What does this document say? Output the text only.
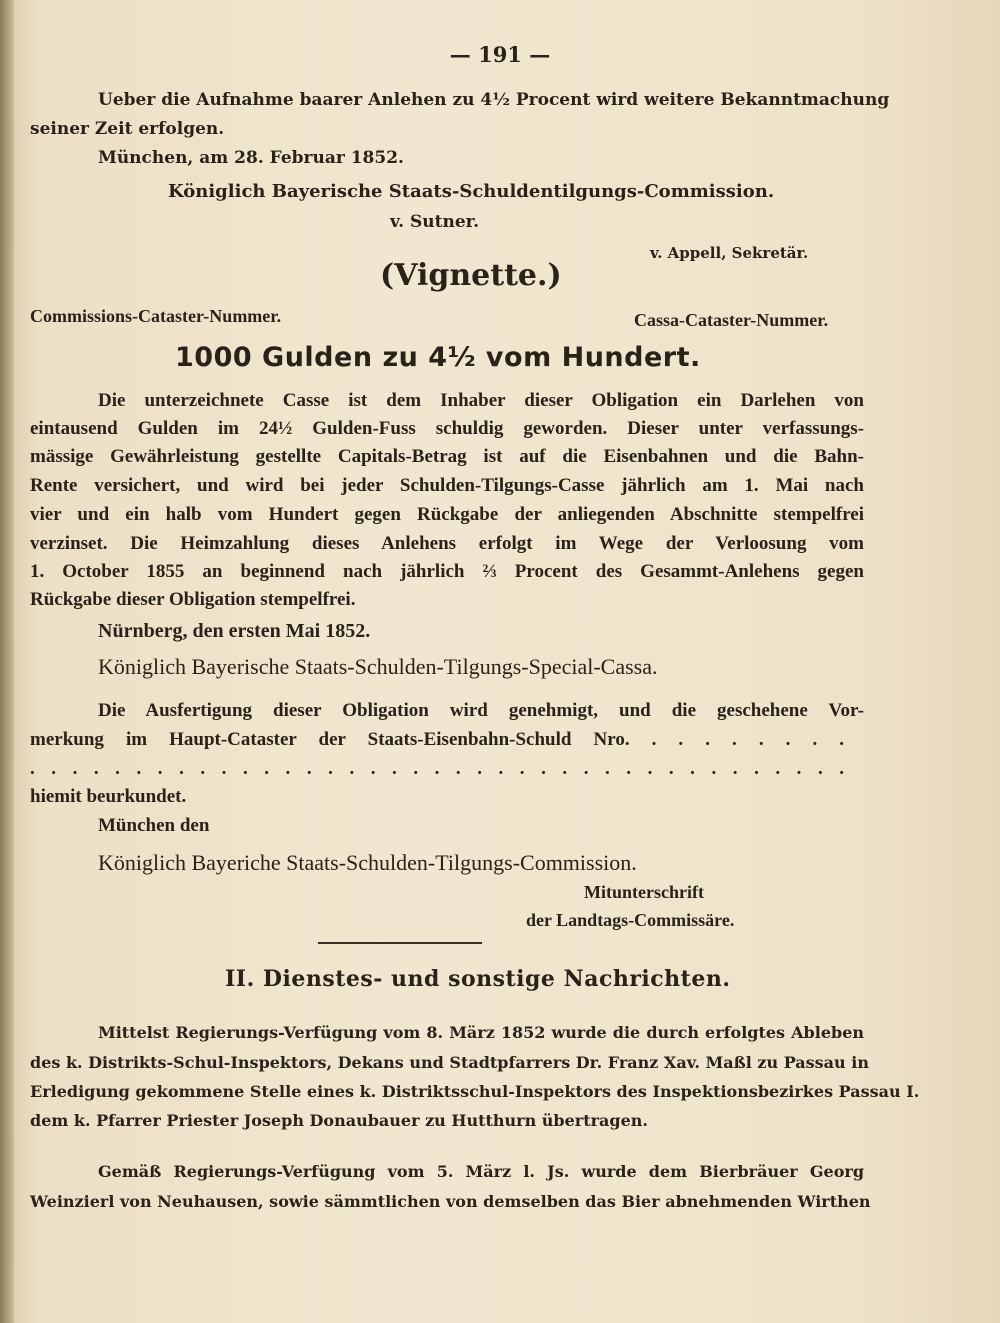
— 191 —
Ueber die Aufnahme baarer Anlehen zu 4½ Procent wird weitere Bekanntmachung
seiner Zeit erfolgen.
München, am 28. Februar 1852.
Königlich Bayerische Staats-Schuldentilgungs-Commission.
v. Sutner.
v. Appell, Sekretär.
(Vignette.)
Commissions-Cataster-Nummer.	Cassa-Cataster-Nummer.
1000 Gulden zu 4½ vom Hundert.
Die unterzeichnete Casse ist dem Inhaber dieser Obligation ein Darlehen von
eintausend Gulden im 24½ Gulden-Fuss schuldig geworden. Dieser unter verfassungs-
mässige Gewährleistung gestellte Capitals-Betrag ist auf die Eisenbahnen und die Bahn-
Rente versichert, und wird bei jeder Schulden-Tilgungs-Casse jährlich am 1. Mai nach
vier und ein halb vom Hundert gegen Rückgabe der anliegenden Abschnitte stempelfrei
verzinset. Die Heimzahlung dieses Anlehens erfolgt im Wege der Verloosung vom
1. October 1855 an beginnend nach jährlich ⅔ Procent des Gesammt-Anlehens gegen
Rückgabe dieser Obligation stempelfrei.
Nürnberg, den ersten Mai 1852.
Königlich Bayerische Staats-Schulden-Tilgungs-Special-Cassa.
Die Ausfertigung dieser Obligation wird genehmigt, und die geschehene Vor-
merkung im Haupt-Cataster der Staats-Eisenbahn-Schuld Nro. . . . . . . . .
. . . . . . . . . . . . . . . . . . . . . . . . . . . . . . . . . . . . . . .
hiemit beurkundet.
München den
Königlich Bayeriche Staats-Schulden-Tilgungs-Commission.
Mitunterschrift
der Landtags-Commissäre.
II. Dienstes- und sonstige Nachrichten.
Mittelst Regierungs-Verfügung vom 8. März 1852 wurde die durch erfolgtes Ableben
des k. Distrikts-Schul-Inspektors, Dekans und Stadtpfarrers Dr. Franz Xav. Maßl zu Passau in
Erledigung gekommene Stelle eines k. Distriktsschul-Inspektors des Inspektionsbezirkes Passau I.
dem k. Pfarrer Priester Joseph Donaubauer zu Hutthurn übertragen.
Gemäß Regierungs-Verfügung vom 5. März l. Js. wurde dem Bierbräuer Georg
Weinzierl von Neuhausen, sowie sämmtlichen von demselben das Bier abnehmenden Wirthen
